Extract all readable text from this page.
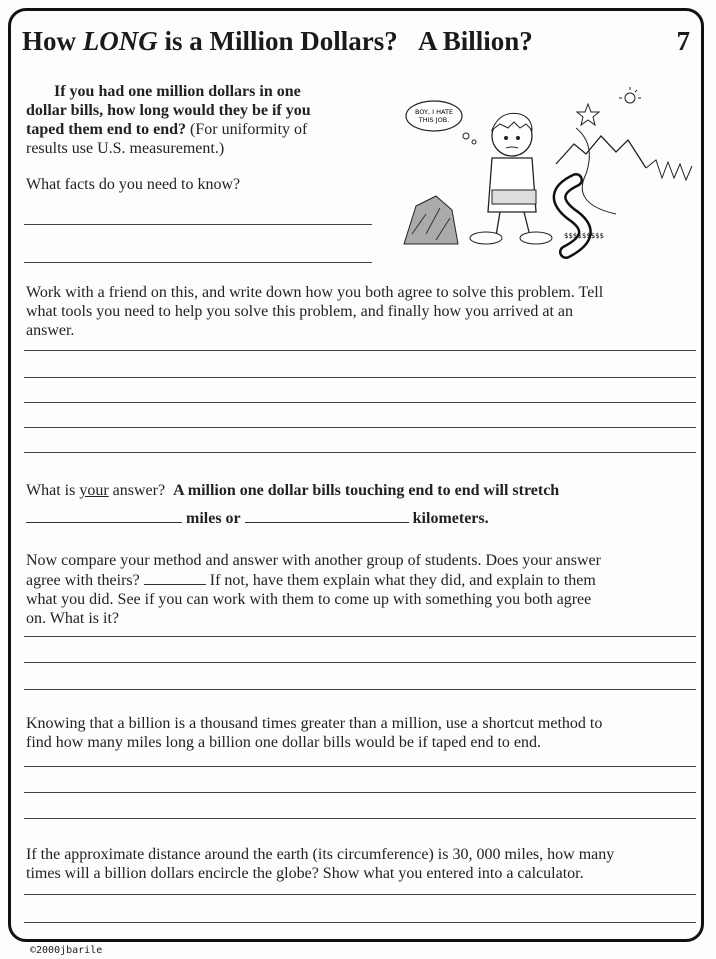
How LONG is a Million Dollars? A Billion?	7
If you had one million dollars in one
dollar bills, how long would they be if you
taped them end to end? (For uniformity of
results use U.S. measurement.)
What facts do you need to know?
BOY, I HATE
THIS JOB.
$$$$$$$$$
Work with a friend on this, and write down how you both agree to solve this problem. Tell
what tools you need to help you solve this problem, and finally how you arrived at an
answer.
What is your answer? A million one dollar bills touching end to end will stretch
miles or	kilometers.
Now compare your method and answer with another group of students. Does your answer
agree with theirs?	If not, have them explain what they did, and explain to them
what you did. See if you can work with them to come up with something you both agree
on. What is it?
Knowing that a billion is a thousand times greater than a million, use a shortcut method to
find how many miles long a billion one dollar bills would be if taped end to end.
If the approximate distance around the earth (its circumference) is 30, 000 miles, how many
times will a billion dollars encircle the globe? Show what you entered into a calculator.
©2000jbarile
